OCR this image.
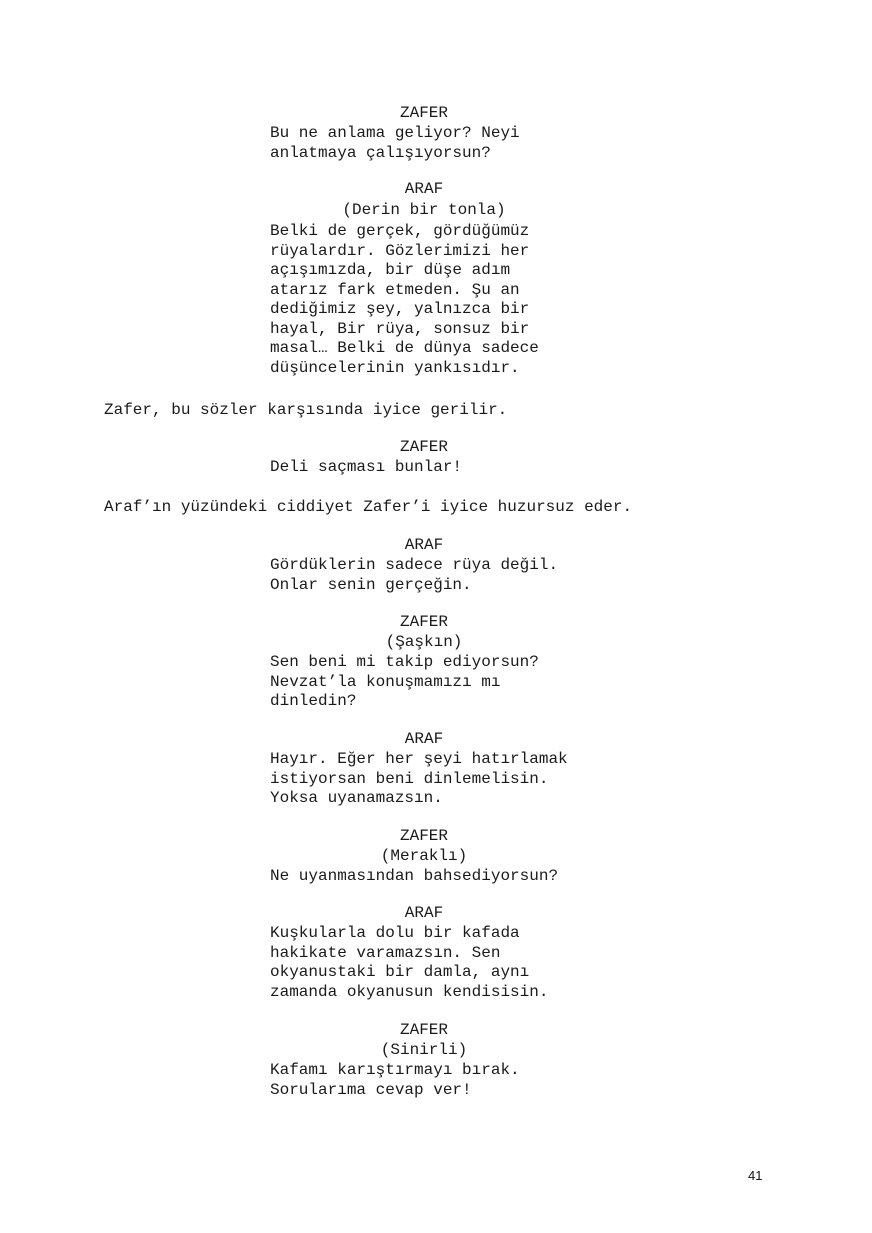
ZAFER
Bu ne anlama geliyor? Neyi
anlatmaya çalışıyorsun?
ARAF
(Derin bir tonla)
Belki de gerçek, gördüğümüz
rüyalardır. Gözlerimizi her
açışımızda, bir düşe adım
atarız fark etmeden. Şu an
dediğimiz şey, yalnızca bir
hayal, Bir rüya, sonsuz bir
masal… Belki de dünya sadece
düşüncelerinin yankısıdır.
Zafer, bu sözler karşısında iyice gerilir.
ZAFER
Deli saçması bunlar!
Araf’ın yüzündeki ciddiyet Zafer’i iyice huzursuz eder.
ARAF
Gördüklerin sadece rüya değil.
Onlar senin gerçeğin.
ZAFER
(Şaşkın)
Sen beni mi takip ediyorsun?
Nevzat’la konuşmamızı mı
dinledin?
ARAF
Hayır. Eğer her şeyi hatırlamak
istiyorsan beni dinlemelisin.
Yoksa uyanamazsın.
ZAFER
(Meraklı)
Ne uyanmasından bahsediyorsun?
ARAF
Kuşkularla dolu bir kafada
hakikate varamazsın. Sen
okyanustaki bir damla, aynı
zamanda okyanusun kendisisin.
ZAFER
(Sinirli)
Kafamı karıştırmayı bırak.
Sorularıma cevap ver!
41
